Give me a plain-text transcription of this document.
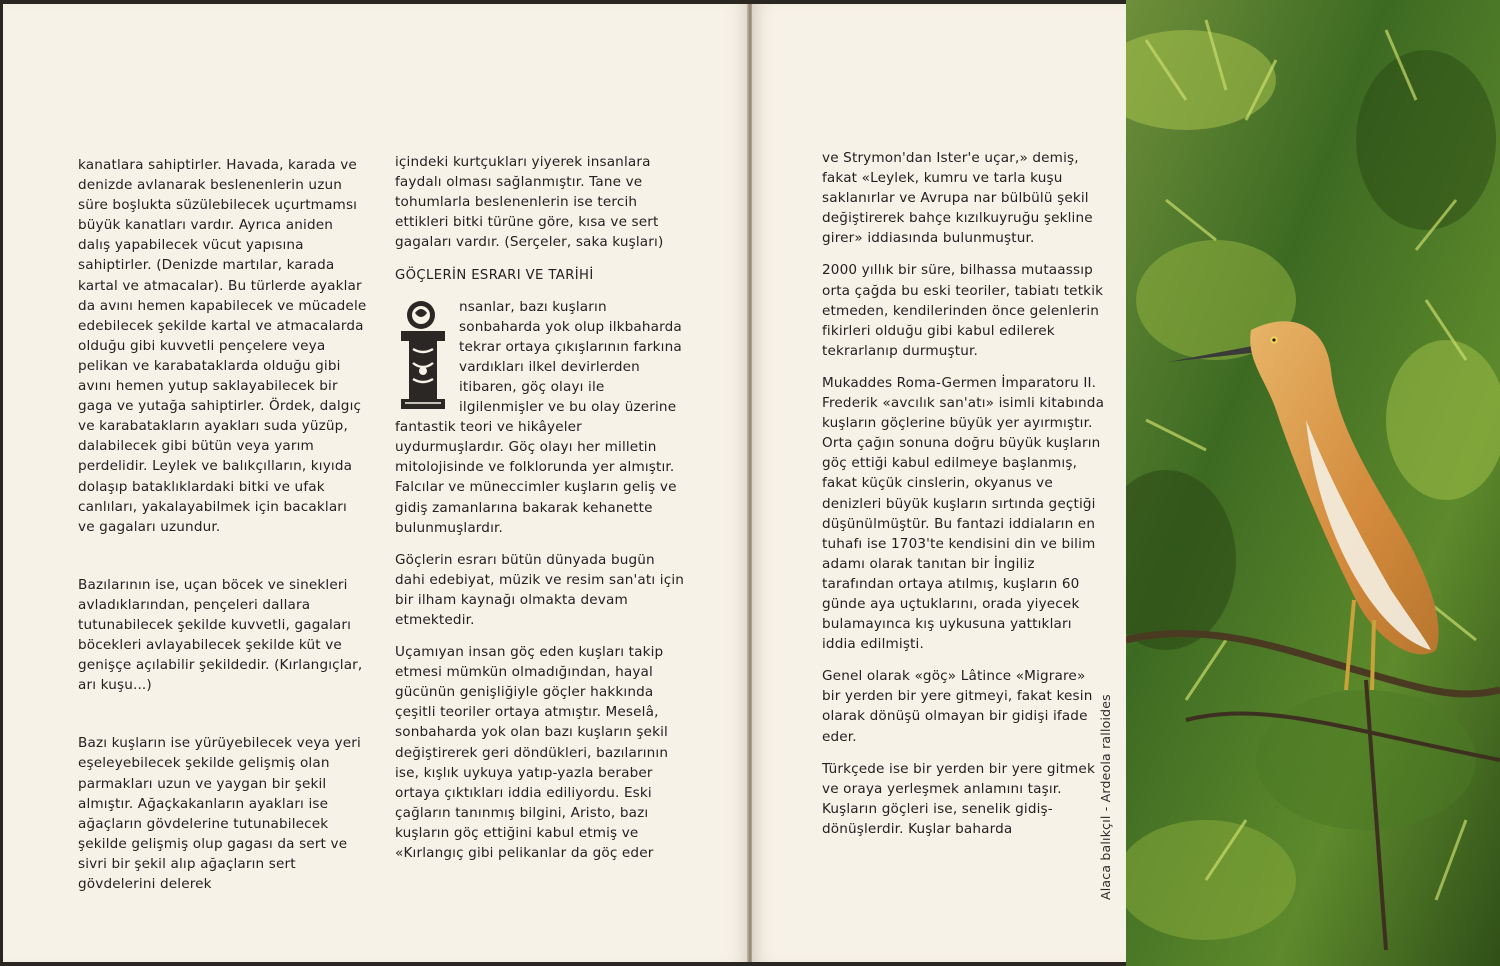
kanatlara sahiptirler. Havada, karada ve denizde avlanarak beslenenlerin uzun süre boşlukta süzülebilecek uçurtmamsı büyük kanatları vardır. Ayrıca aniden dalış yapabilecek vücut yapısına sahiptirler. (Denizde martılar, karada kartal ve atmacalar). Bu türlerde ayaklar da avını hemen kapabilecek ve mücadele edebilecek şekilde kartal ve atmacalarda olduğu gibi kuvvetli pençelere veya pelikan ve karabataklarda olduğu gibi avını hemen yutup saklayabilecek bir gaga ve yutağa sahiptirler. Ördek, dalgıç ve karabatakların ayakları suda yüzüp, dalabilecek gibi bütün veya yarım perdelidir. Leylek ve balıkçılların, kıyıda dolaşıp bataklıklardaki bitki ve ufak canlıları, yakalayabilmek için bacakları ve gagaları uzundur.

Bazılarının ise, uçan böcek ve sinekleri avladıklarından, pençeleri dallara tutunabilecek şekilde kuvvetli, gagaları böcekleri avlayabilecek şekilde küt ve genişçe açılabilir şekildedir. (Kırlangıçlar, arı kuşu...)

Bazı kuşların ise yürüyebilecek veya yeri eşeleyebilecek şekilde gelişmiş olan parmakları uzun ve yaygan bir şekil almıştır. Ağaçkakanların ayakları ise ağaçların gövdelerine tutunabilecek şekilde gelişmiş olup gagası da sert ve sivri bir şekil alıp ağaçların sert gövdelerini delerek

içindeki kurtçukları yiyerek insanlara faydalı olması sağlanmıştır. Tane ve tohumlarla beslenenlerin ise tercih ettikleri bitki türüne göre, kısa ve sert gagaları vardır. (Serçeler, saka kuşları)

GÖÇLERİN ESRARI VE TARİHİ

nsanlar, bazı kuşların sonbaharda yok olup ilkbaharda tekrar ortaya çıkışlarının farkına vardıkları ilkel devirlerden itibaren, göç olayı ile ilgilenmişler ve bu olay üzerine fantastik teori ve hikâyeler uydurmuşlardır. Göç olayı her milletin mitolojisinde ve folklorunda yer almıştır. Falcılar ve müneccimler kuşların geliş ve gidiş zamanlarına bakarak kehanette bulunmuşlardır.

Göçlerin esrarı bütün dünyada bugün dahi edebiyat, müzik ve resim san'atı için bir ilham kaynağı olmakta devam etmektedir.

Uçamıyan insan göç eden kuşları takip etmesi mümkün olmadığından, hayal gücünün genişliğiyle göçler hakkında çeşitli teoriler ortaya atmıştır. Meselâ, sonbaharda yok olan bazı kuşların şekil değiştirerek geri döndükleri, bazılarının ise, kışlık uykuya yatıp-yazla beraber ortaya çıktıkları iddia ediliyordu. Eski çağların tanınmış bilgini, Aristo, bazı kuşların göç ettiğini kabul etmiş ve «Kırlangıç gibi pelikanlar da göç eder

ve Strymon'dan Ister'e uçar,» demiş, fakat «Leylek, kumru ve tarla kuşu saklanırlar ve Avrupa nar bülbülü şekil değiştirerek bahçe kızılkuyruğu şekline girer» iddiasında bulunmuştur.

2000 yıllık bir süre, bilhassa mutaassıp orta çağda bu eski teoriler, tabiatı tetkik etmeden, kendilerinden önce gelenlerin fikirleri olduğu gibi kabul edilerek tekrarlanıp durmuştur.

Mukaddes Roma-Germen İmparatoru II. Frederik «avcılık san'atı» isimli kitabında kuşların göçlerine büyük yer ayırmıştır. Orta çağın sonuna doğru büyük kuşların göç ettiği kabul edilmeye başlanmış, fakat küçük cinslerin, okyanus ve denizleri büyük kuşların sırtında geçtiği düşünülmüştür. Bu fantazi iddiaların en tuhafı ise 1703'te kendisini din ve bilim adamı olarak tanıtan bir İngiliz tarafından ortaya atılmış, kuşların 60 günde aya uçtuklarını, orada yiyecek bulamayınca kış uykusuna yattıkları iddia edilmişti.

Genel olarak «göç» Lâtince «Migrare» bir yerden bir yere gitmeyi, fakat kesin olarak dönüşü olmayan bir gidişi ifade eder.

Türkçede ise bir yerden bir yere gitmek ve oraya yerleşmek anlamını taşır. Kuşların göçleri ise, senelik gidiş-dönüşlerdir. Kuşlar baharda	Alaca balıkçıl - Ardeola ralloides
